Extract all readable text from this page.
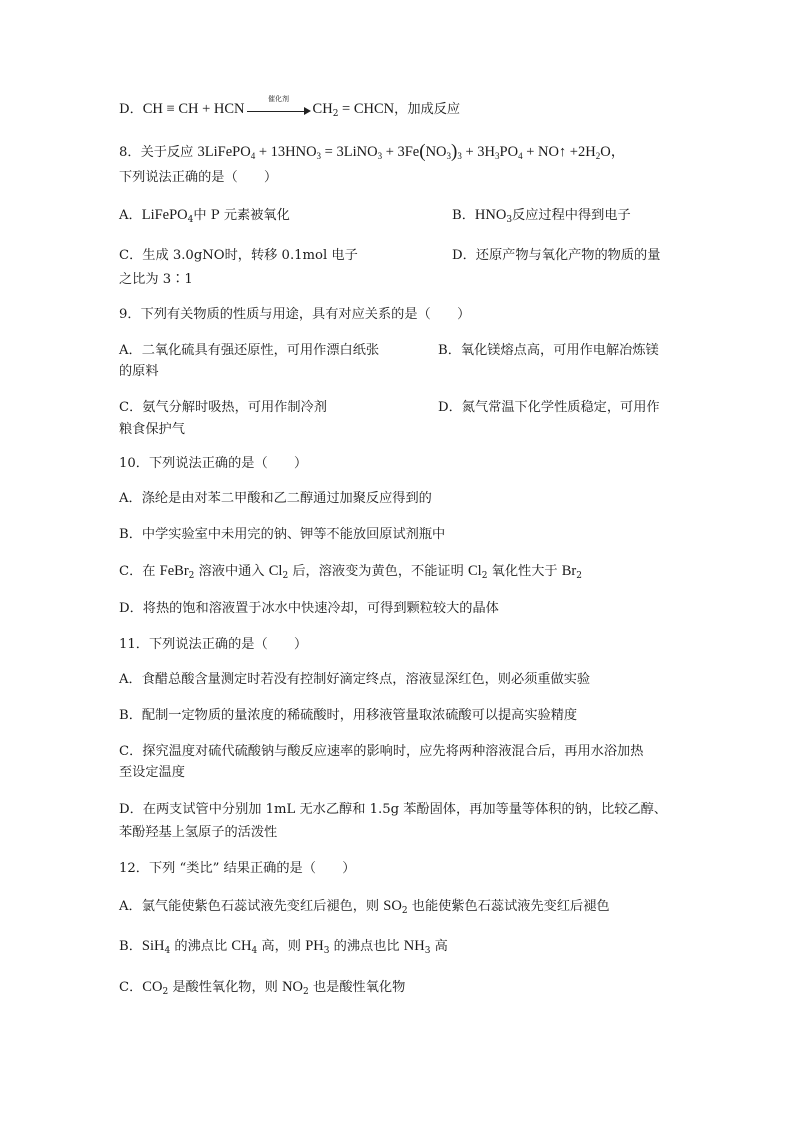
D．CH ≡ CH + HCN
催化剂
$CH_2$ = CHCN，加成反应
8．关于反应 3LiFePO$_4$ + $13HNO_3$ = 3LiNO$_3$ + $3Fe(NO_3)_3 + 3H_3PO_4$ + NO↑ $+2H_2O$，
下列说法正确的是（　　）
A．LiFePO$_4$中 P 元素被氧化	B．$HNO_3$反应过程中得到电子
C．生成 3.0gNO时，转移 0.1mol 电子	D．还原产物与氧化产物的物质的量
之比为 3∶1
9．下列有关物质的性质与用途，具有对应关系的是（　　）
A．二氧化硫具有强还原性，可用作漂白纸张	B．氧化镁熔点高，可用作电解冶炼镁
的原料
C．氨气分解时吸热，可用作制冷剂	D．氮气常温下化学性质稳定，可用作
粮食保护气
10．下列说法正确的是（　　）
A．涤纶是由对苯二甲酸和乙二醇通过加聚反应得到的
B．中学实验室中未用完的钠、钾等不能放回原试剂瓶中
C．在 FeBr$_2$ 溶液中通入 $Cl_2$ 后，溶液变为黄色，不能证明 $Cl_2$ 氧化性大于 $Br_2$
D．将热的饱和溶液置于冰水中快速冷却，可得到颗粒较大的晶体
11．下列说法正确的是（　　）
A．食醋总酸含量测定时若没有控制好滴定终点，溶液显深红色，则必须重做实验
B．配制一定物质的量浓度的稀硫酸时，用移液管量取浓硫酸可以提高实验精度
C．探究温度对硫代硫酸钠与酸反应速率的影响时，应先将两种溶液混合后，再用水浴加热
至设定温度
D．在两支试管中分别加 1mL 无水乙醇和 1.5g 苯酚固体，再加等量等体积的钠，比较乙醇、
苯酚羟基上氢原子的活泼性
12．下列 “类比” 结果正确的是（　　）
A．氯气能使紫色石蕊试液先变红后褪色，则 $SO_2$ 也能使紫色石蕊试液先变红后褪色
B．SiH$_4$ 的沸点比 $CH_4$ 高，则 $PH_3$ 的沸点也比 $NH_3$ 高
C．$CO_2$ 是酸性氧化物，则 $NO_2$ 也是酸性氧化物
